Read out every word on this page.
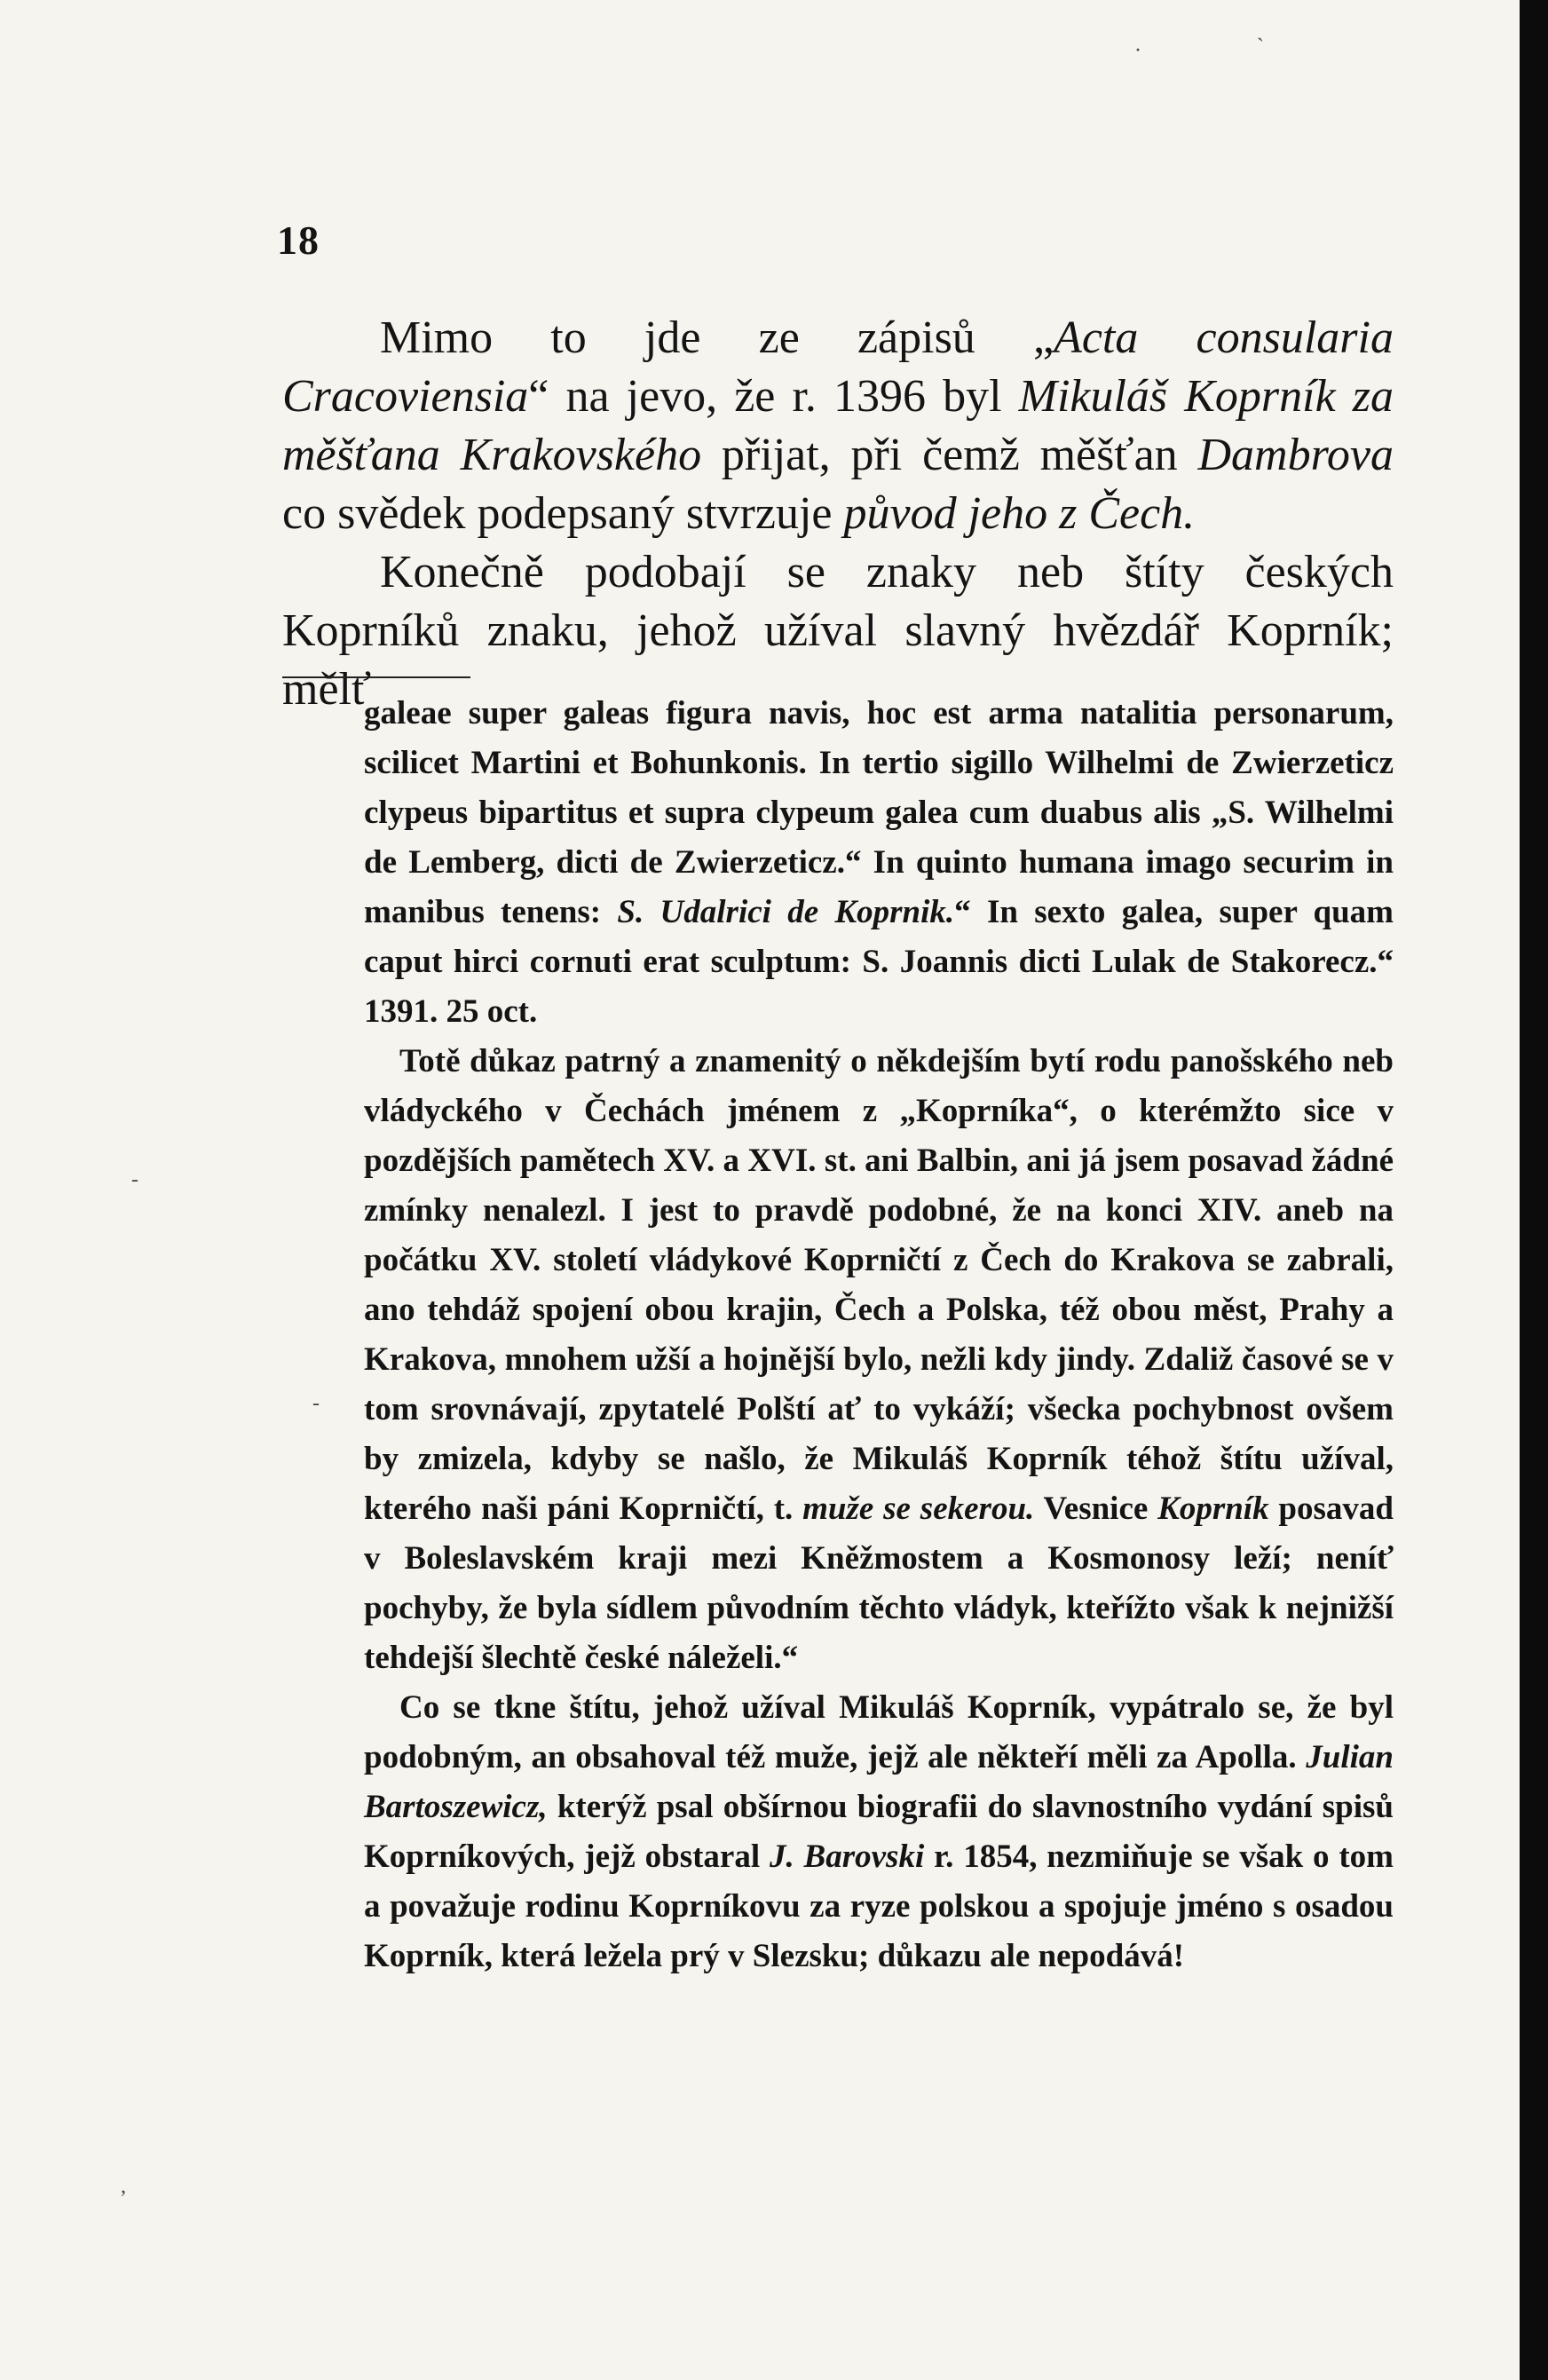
18

Mimo to jde ze zápisů „Acta consularia Cracoviensia“ na jevo, že r. 1396 byl Mikuláš Koprník za měšťana Krakovského přijat, při čemž měšťan Dambrova co svědek podepsaný stvrzuje původ jeho z Čech.

Konečně podobají se znaky neb štíty českých Koprníků znaku, jehož užíval slavný hvězdář Koprník; mělť

galeae super galeas figura navis, hoc est arma natalitia personarum, scilicet Martini et Bohunkonis. In tertio sigillo Wilhelmi de Zwierzeticz clypeus bipartitus et supra clypeum galea cum duabus alis „S. Wilhelmi de Lemberg, dicti de Zwierzeticz.“ In quinto humana imago securim in manibus tenens: S. Udalrici de Koprnik.“ In sexto galea, super quam caput hirci cornuti erat sculptum: S. Joannis dicti Lulak de Stakorecz.“ 1391. 25 oct.

Totě důkaz patrný a znamenitý o někdejším bytí rodu panošského neb vládyckého v Čechách jménem z „Koprníka“, o kterémžto sice v pozdějších pamětech XV. a XVI. st. ani Balbin, ani já jsem posavad žádné zmínky nenalezl. I jest to pravdě podobné, že na konci XIV. aneb na počátku XV. století vládykové Koprničtí z Čech do Krakova se zabrali, ano tehdáž spojení obou krajin, Čech a Polska, též obou měst, Prahy a Krakova, mnohem užší a hojnější bylo, nežli kdy jindy. Zdaliž časové se v tom srovnávají, zpytatelé Polští ať to vykáží; všecka pochybnost ovšem by zmizela, kdyby se našlo, že Mikuláš Koprník téhož štítu užíval, kterého naši páni Koprničtí, t. muže se sekerou. Vesnice Koprník posavad v Boleslavském kraji mezi Kněžmostem a Kosmonosy leží; neníť pochyby, že byla sídlem původním těchto vládyk, kteřížto však k nejnižší tehdejší šlechtě české náleželi.“

Co se tkne štítu, jehož užíval Mikuláš Koprník, vypátralo se, že byl podobným, an obsahoval též muže, jejž ale někteří měli za Apolla. Julian Bartoszewicz, kterýž psal obšírnou biografii do slavnostního vydání spisů Koprníkových, jejž obstaral J. Barovski r. 1854, nezmiňuje se však o tom a považuje rodinu Koprníkovu za ryze polskou a spojuje jméno s osadou Koprník, která ležela prý v Slezsku; důkazu ale nepodává!

·	`
-
-
,
